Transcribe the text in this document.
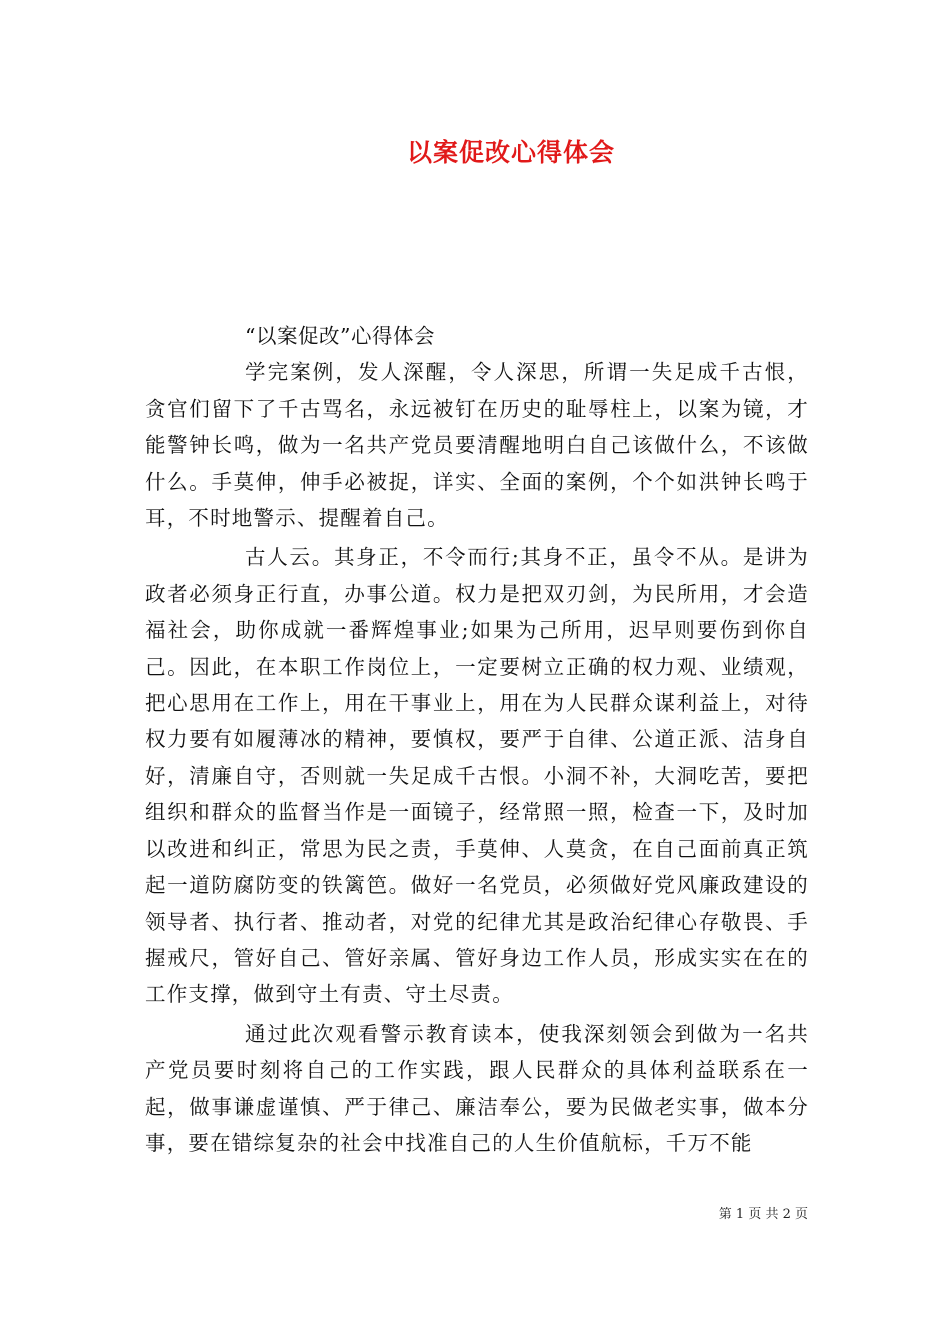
以案促改心得体会

“以案促改”心得体会

学完案例，发人深醒，令人深思，所谓一失足成千古恨，贪官们留下了千古骂名，永远被钉在历史的耻辱柱上，以案为镜，才能警钟长鸣，做为一名共产党员要清醒地明白自己该做什么，不该做什么。手莫伸，伸手必被捉，详实、全面的案例，个个如洪钟长鸣于耳，不时地警示、提醒着自己。

古人云。其身正，不令而行;其身不正，虽令不从。是讲为政者必须身正行直，办事公道。权力是把双刃剑，为民所用，才会造福社会，助你成就一番辉煌事业;如果为己所用，迟早则要伤到你自己。因此，在本职工作岗位上，一定要树立正确的权力观、业绩观，把心思用在工作上，用在干事业上，用在为人民群众谋利益上，对待权力要有如履薄冰的精神，要慎权，要严于自律、公道正派、洁身自好，清廉自守，否则就一失足成千古恨。小洞不补，大洞吃苦，要把组织和群众的监督当作是一面镜子，经常照一照，检查一下，及时加以改进和纠正，常思为民之责，手莫伸、人莫贪，在自己面前真正筑起一道防腐防变的铁篱笆。做好一名党员，必须做好党风廉政建设的领导者、执行者、推动者，对党的纪律尤其是政治纪律心存敬畏、手握戒尺，管好自己、管好亲属、管好身边工作人员，形成实实在在的工作支撑，做到守土有责、守土尽责。

通过此次观看警示教育读本，使我深刻领会到做为一名共产党员要时刻将自己的工作实践，跟人民群众的具体利益联系在一起，做事谦虚谨慎、严于律己、廉洁奉公，要为民做老实事，做本分事，要在错综复杂的社会中找准自己的人生价值航标，千万不能

第 1 页 共 2 页
